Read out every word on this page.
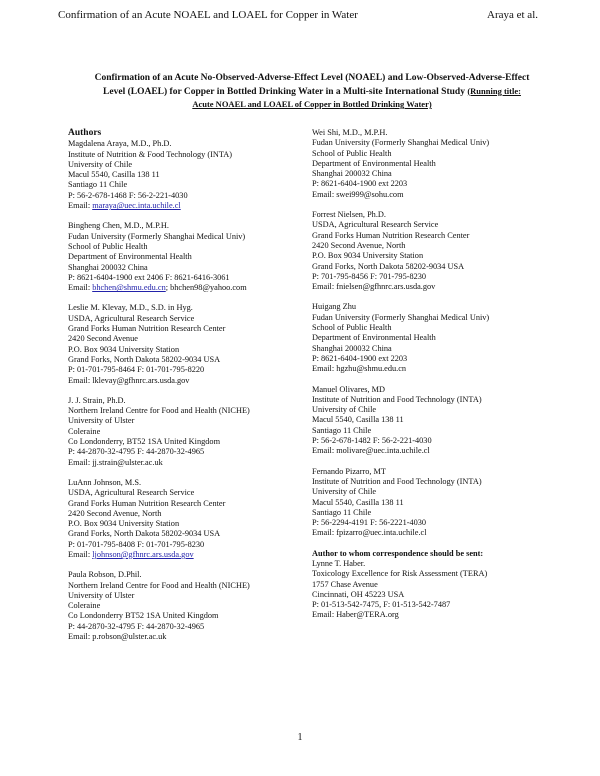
Confirmation of an Acute NOAEL and LOAEL for Copper in Water	Araya et al.
Confirmation of an Acute No-Observed-Adverse-Effect Level (NOAEL) and Low-Observed-Adverse-Effect Level (LOAEL) for Copper in Bottled Drinking Water in a Multi-site International Study (Running title: Acute NOAEL and LOAEL of Copper in Bottled Drinking Water)
Authors
Magdalena Araya, M.D., Ph.D.
Institute of Nutrition & Food Technology (INTA)
University of Chile
Macul 5540, Casilla 138 11
Santiago 11 Chile
P: 56-2-678-1468 F: 56-2-221-4030
Email: maraya@uec.inta.uchile.cl
Bingheng Chen, M.D., M.P.H.
Fudan University (Formerly Shanghai Medical Univ)
School of Public Health
Department of Environmental Health
Shanghai 200032 China
P: 8621-6404-1900 ext 2406 F: 8621-6416-3061
Email: bhchen@shmu.edu.cn; bhchen98@yahoo.com
Leslie M. Klevay, M.D., S.D. in Hyg.
USDA, Agricultural Research Service
Grand Forks Human Nutrition Research Center
2420 Second Avenue
P.O. Box 9034 University Station
Grand Forks, North Dakota 58202-9034 USA
P: 01-701-795-8464 F: 01-701-795-8220
Email: lklevay@gfhnrc.ars.usda.gov
J. J. Strain, Ph.D.
Northern Ireland Centre for Food and Health (NICHE)
University of Ulster
Coleraine
Co Londonderry, BT52 1SA United Kingdom
P: 44-2870-32-4795 F: 44-2870-32-4965
Email: jj.strain@ulster.ac.uk
LuAnn Johnson, M.S.
USDA, Agricultural Research Service
Grand Forks Human Nutrition Research Center
2420 Second Avenue, North
P.O. Box 9034 University Station
Grand Forks, North Dakota 58202-9034 USA
P: 01-701-795-8408 F: 01-701-795-8230
Email: ljohnson@gfhnrc.ars.usda.gov
Paula Robson, D.Phil.
Northern Ireland Centre for Food and Health (NICHE)
University of Ulster
Coleraine
Co Londonderry BT52 1SA United Kingdom
P: 44-2870-32-4795 F: 44-2870-32-4965
Email: p.robson@ulster.ac.uk
Wei Shi, M.D., M.P.H.
Fudan University (Formerly Shanghai Medical Univ)
School of Public Health
Department of Environmental Health
Shanghai 200032 China
P: 8621-6404-1900 ext 2203
Email: swei999@sohu.com
Forrest Nielsen, Ph.D.
USDA, Agricultural Research Service
Grand Forks Human Nutrition Research Center
2420 Second Avenue, North
P.O. Box 9034 University Station
Grand Forks, North Dakota 58202-9034 USA
P: 701-795-8456 F: 701-795-8230
Email: fnielsen@gfhnrc.ars.usda.gov
Huigang Zhu
Fudan University (Formerly Shanghai Medical Univ)
School of Public Health
Department of Environmental Health
Shanghai 200032 China
P: 8621-6404-1900 ext 2203
Email: hgzhu@shmu.edu.cn
Manuel Olivares, MD
Institute of Nutrition and Food Technology (INTA)
University of Chile
Macul 5540, Casilla 138 11
Santiago 11 Chile
P: 56-2-678-1482 F: 56-2-221-4030
Email: molivare@uec.inta.uchile.cl
Fernando Pizarro, MT
Institute of Nutrition and Food Technology (INTA)
University of Chile
Macul 5540, Casilla 138 11
Santiago 11 Chile
P: 56-2294-4191 F: 56-2221-4030
Email: fpizarro@uec.inta.uchile.cl
Author to whom correspondence should be sent:
Lynne T. Haber.
Toxicology Excellence for Risk Assessment (TERA)
1757 Chase Avenue
Cincinnati, OH 45223 USA
P: 01-513-542-7475, F: 01-513-542-7487
Email: Haber@TERA.org
1
